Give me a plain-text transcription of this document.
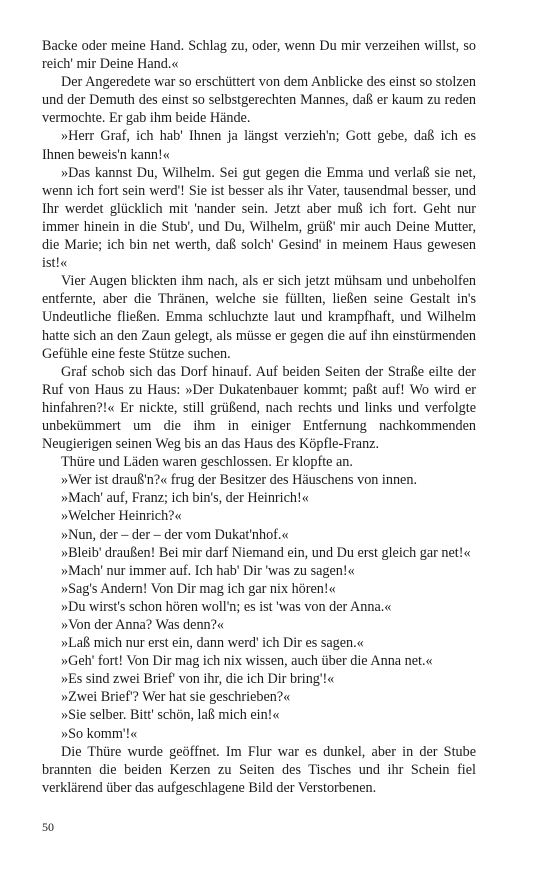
Backe oder meine Hand. Schlag zu, oder, wenn Du mir verzeihen willst, so reich' mir Deine Hand.«

Der Angeredete war so erschüttert von dem Anblicke des einst so stolzen und der Demuth des einst so selbstgerechten Mannes, daß er kaum zu reden vermochte. Er gab ihm beide Hände.

»Herr Graf, ich hab' Ihnen ja längst verzieh'n; Gott gebe, daß ich es Ihnen beweis'n kann!«

»Das kannst Du, Wilhelm. Sei gut gegen die Emma und verlaß sie net, wenn ich fort sein werd'! Sie ist besser als ihr Vater, tausendmal besser, und Ihr werdet glücklich mit 'nander sein. Jetzt aber muß ich fort. Geht nur immer hinein in die Stub', und Du, Wilhelm, grüß' mir auch Deine Mutter, die Marie; ich bin net werth, daß solch' Gesind' in meinem Haus gewesen ist!«

Vier Augen blickten ihm nach, als er sich jetzt mühsam und unbeholfen entfernte, aber die Thränen, welche sie füllten, ließen seine Gestalt in's Undeutliche fließen. Emma schluchzte laut und krampfhaft, und Wilhelm hatte sich an den Zaun gelegt, als müsse er gegen die auf ihn einstürmenden Gefühle eine feste Stütze suchen.

Graf schob sich das Dorf hinauf. Auf beiden Seiten der Straße eilte der Ruf von Haus zu Haus: »Der Dukatenbauer kommt; paßt auf! Wo wird er hinfahren?!« Er nickte, still grüßend, nach rechts und links und verfolgte unbekümmert um die ihm in einiger Entfernung nachkommenden Neugierigen seinen Weg bis an das Haus des Köpfle-Franz.

Thüre und Läden waren geschlossen. Er klopfte an.

»Wer ist drauß'n?« frug der Besitzer des Häuschens von innen.

»Mach' auf, Franz; ich bin's, der Heinrich!«

»Welcher Heinrich?«

»Nun, der – der – der vom Dukat'nhof.«

»Bleib' draußen! Bei mir darf Niemand ein, und Du erst gleich gar net!«

»Mach' nur immer auf. Ich hab' Dir 'was zu sagen!«

»Sag's Andern! Von Dir mag ich gar nix hören!«

»Du wirst's schon hören woll'n; es ist 'was von der Anna.«

»Von der Anna? Was denn?«

»Laß mich nur erst ein, dann werd' ich Dir es sagen.«

»Geh' fort! Von Dir mag ich nix wissen, auch über die Anna net.«

»Es sind zwei Brief' von ihr, die ich Dir bring'!«

»Zwei Brief'? Wer hat sie geschrieben?«

»Sie selber. Bitt' schön, laß mich ein!«

»So komm'!«

Die Thüre wurde geöffnet. Im Flur war es dunkel, aber in der Stube brannten die beiden Kerzen zu Seiten des Tisches und ihr Schein fiel verklärend über das aufgeschlagene Bild der Verstorbenen.

50
